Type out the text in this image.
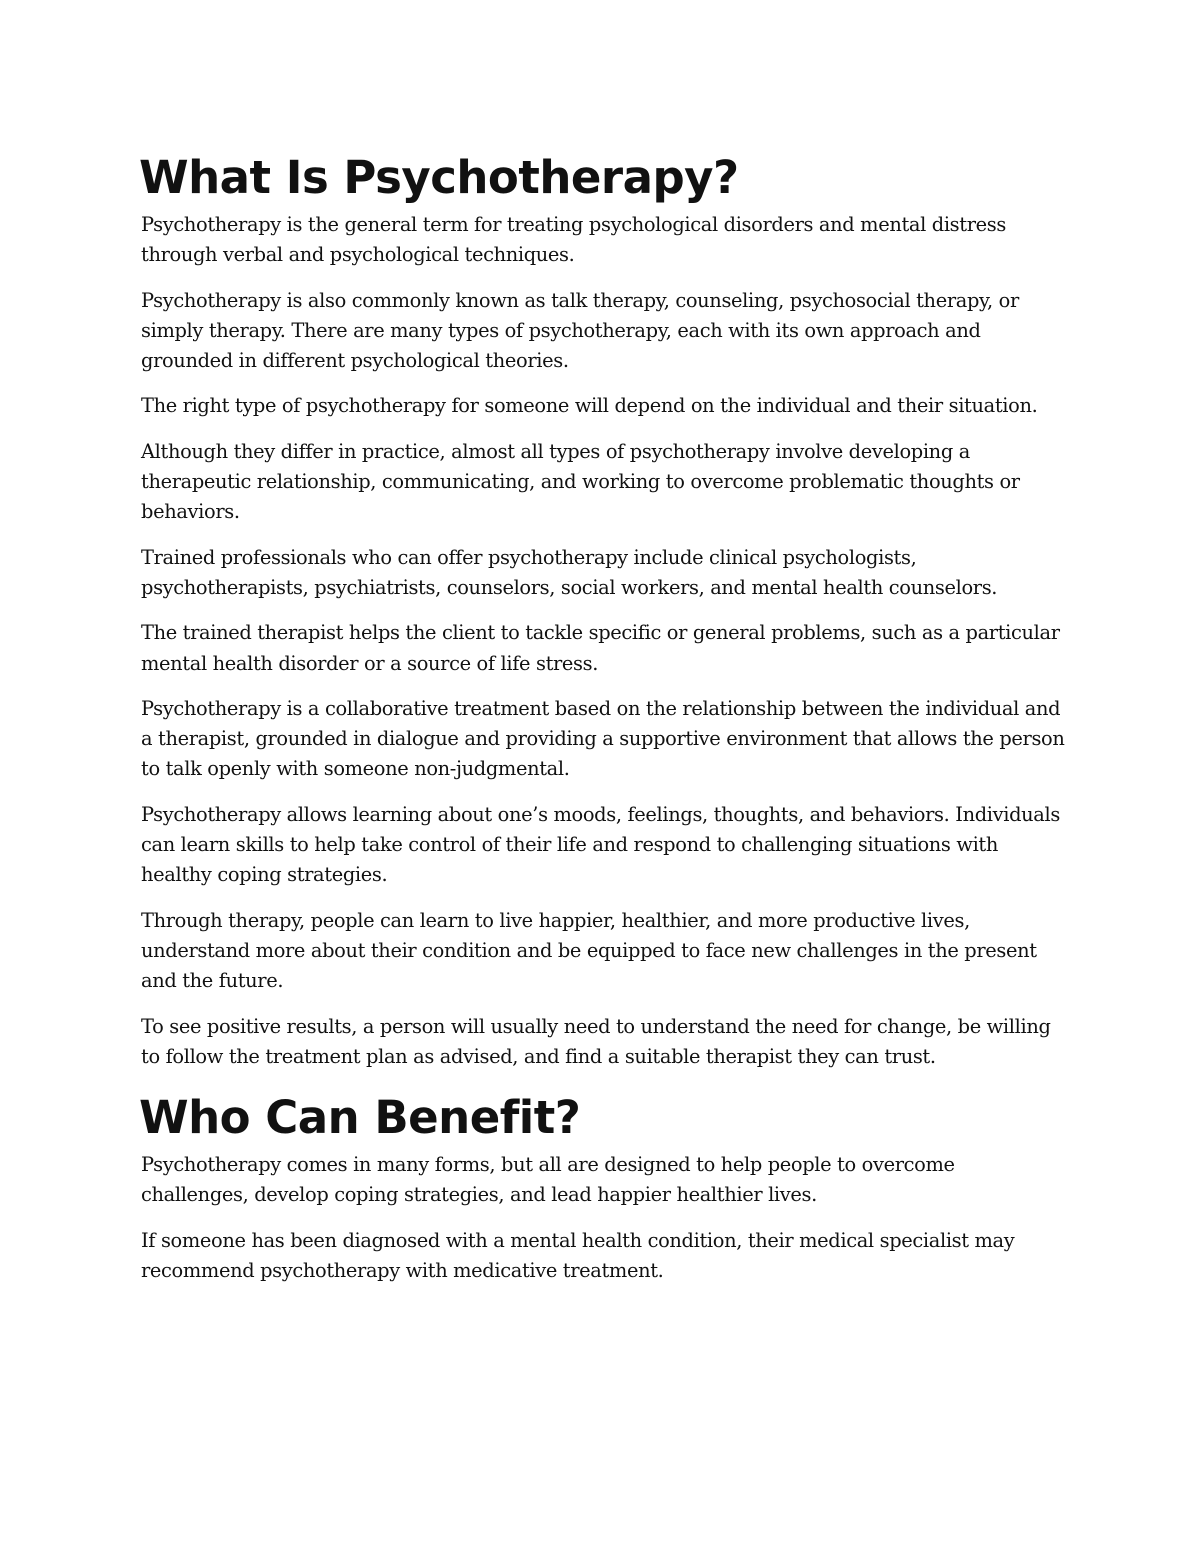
What Is Psychotherapy?

Psychotherapy is the general term for treating psychological disorders and mental distress through verbal and psychological techniques.

Psychotherapy is also commonly known as talk therapy, counseling, psychosocial therapy, or simply therapy. There are many types of psychotherapy, each with its own approach and grounded in different psychological theories.

The right type of psychotherapy for someone will depend on the individual and their situation.

Although they differ in practice, almost all types of psychotherapy involve developing a therapeutic relationship, communicating, and working to overcome problematic thoughts or behaviors.

Trained professionals who can offer psychotherapy include clinical psychologists, psychotherapists, psychiatrists, counselors, social workers, and mental health counselors.

The trained therapist helps the client to tackle specific or general problems, such as a particular mental health disorder or a source of life stress.

Psychotherapy is a collaborative treatment based on the relationship between the individual and a therapist, grounded in dialogue and providing a supportive environment that allows the person to talk openly with someone non-judgmental.

Psychotherapy allows learning about one’s moods, feelings, thoughts, and behaviors. Individuals can learn skills to help take control of their life and respond to challenging situations with healthy coping strategies.

Through therapy, people can learn to live happier, healthier, and more productive lives, understand more about their condition and be equipped to face new challenges in the present and the future.

To see positive results, a person will usually need to understand the need for change, be willing to follow the treatment plan as advised, and find a suitable therapist they can trust.

Who Can Benefit?

Psychotherapy comes in many forms, but all are designed to help people to overcome challenges, develop coping strategies, and lead happier healthier lives.

If someone has been diagnosed with a mental health condition, their medical specialist may recommend psychotherapy with medicative treatment.
